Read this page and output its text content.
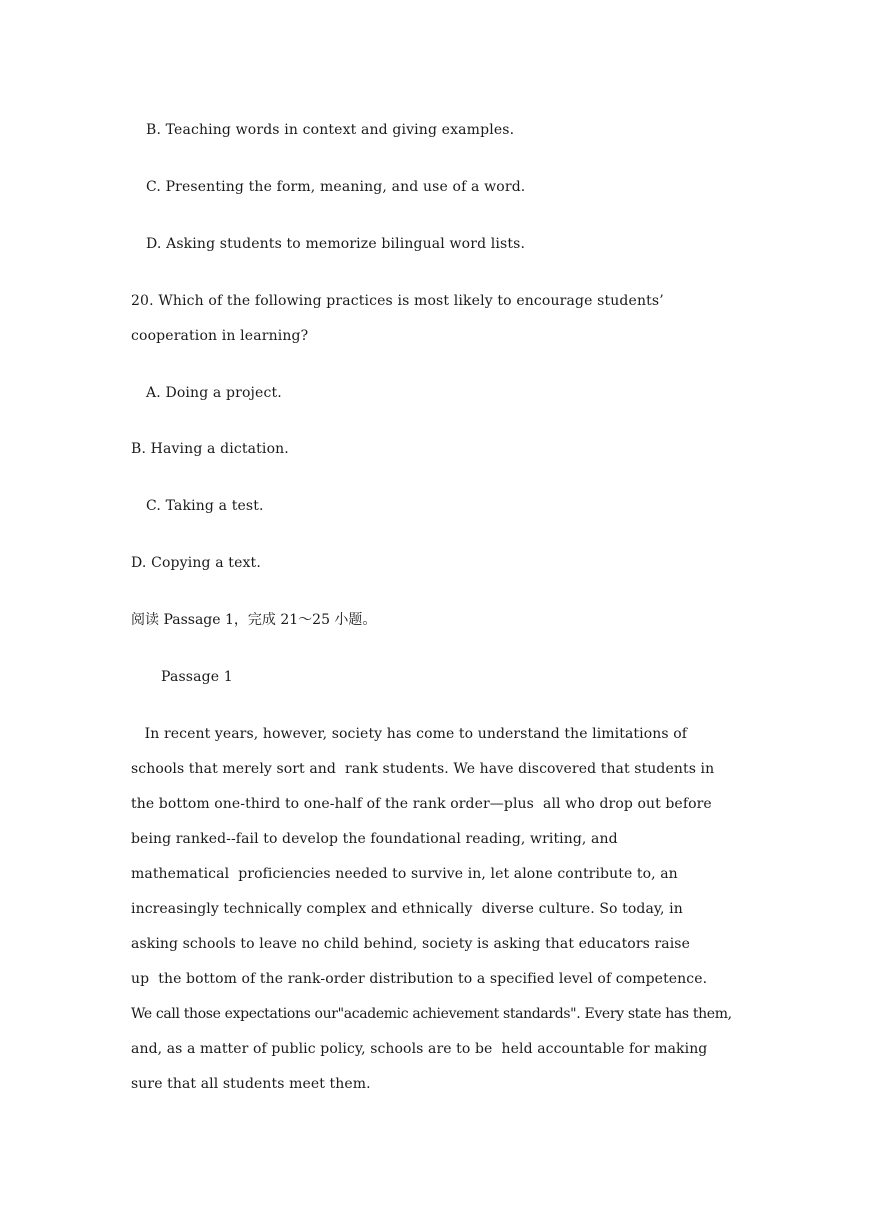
B. Teaching words in context and giving examples.
C. Presenting the form, meaning, and use of a word.
D. Asking students to memorize bilingual word lists.
20. Which of the following practices is most likely to encourage students’
cooperation in learning?
A. Doing a project.
B. Having a dictation.
C. Taking a test.
D. Copying a text.
阅读 Passage 1，完成 21～25 小题。
Passage 1
In recent years, however, society has come to understand the limitations of
schools that merely sort and  rank students. We have discovered that students in
the bottom one-third to one-half of the rank order—plus  all who drop out before
being ranked--fail to develop the foundational reading, writing, and
mathematical  proficiencies needed to survive in, let alone contribute to, an
increasingly technically complex and ethnically  diverse culture. So today, in
asking schools to leave no child behind, society is asking that educators raise
up  the bottom of the rank-order distribution to a specified level of competence.
We call those expectations our"academic achievement standards". Every state has them,
and, as a matter of public policy, schools are to be  held accountable for making
sure that all students meet them.
